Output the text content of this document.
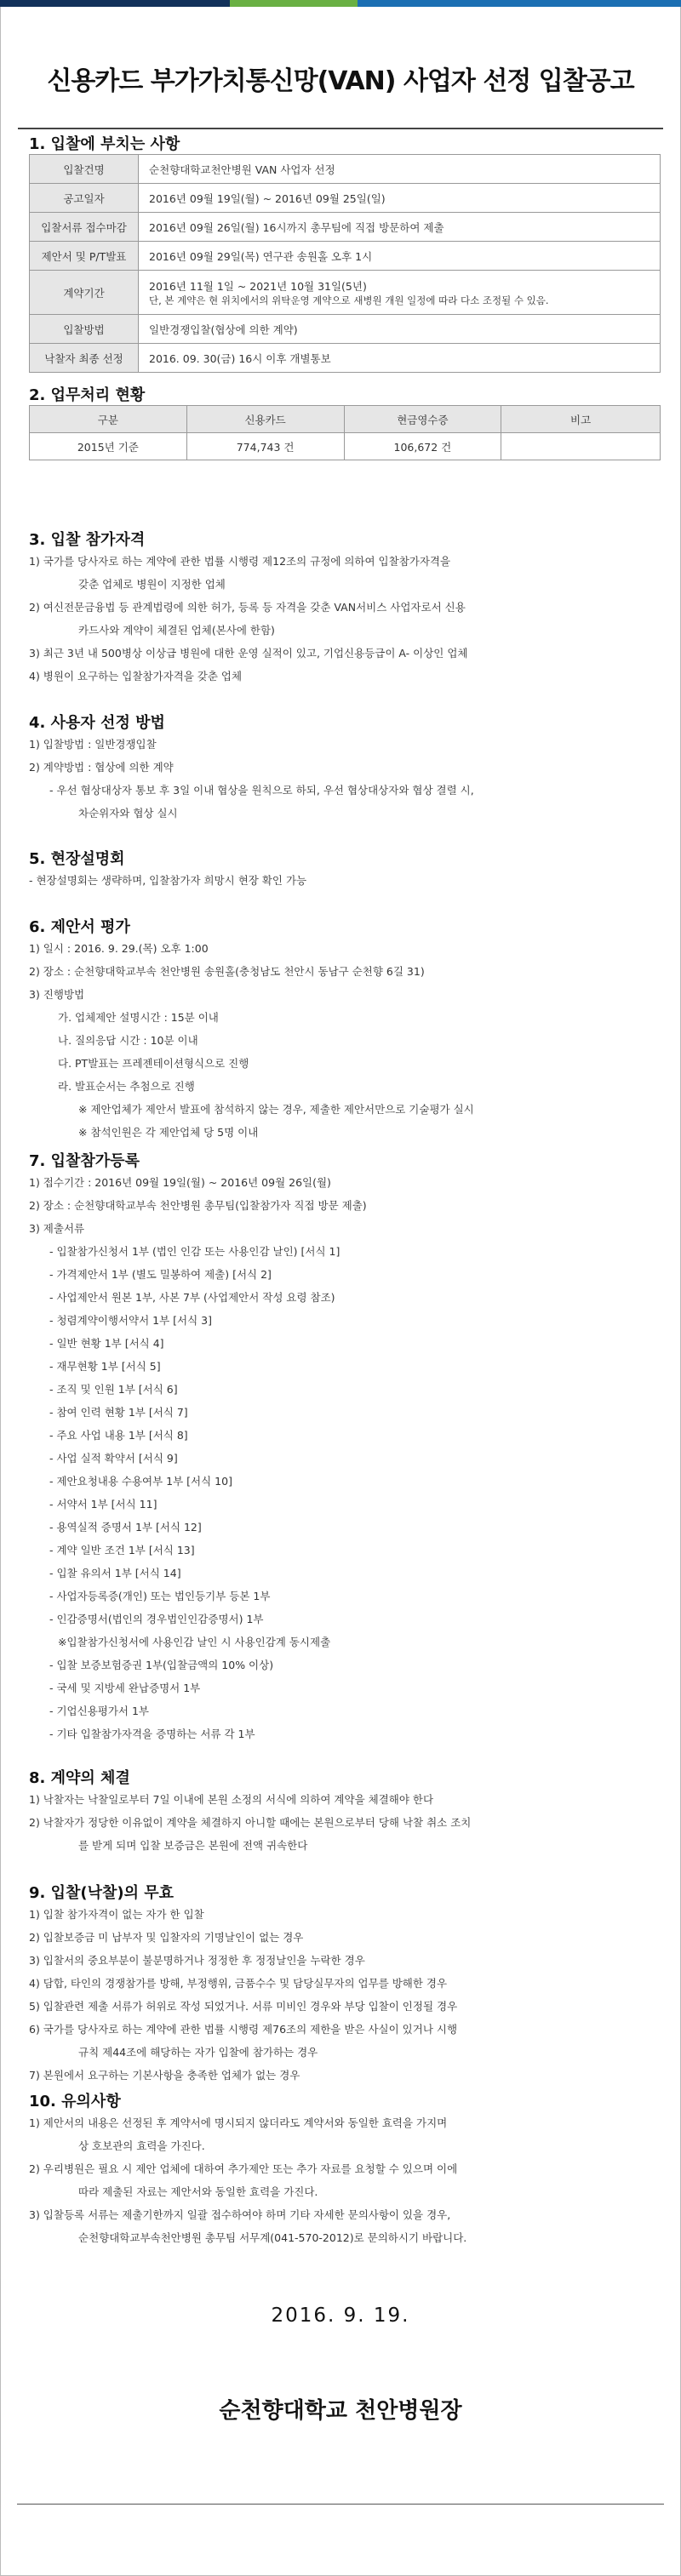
신용카드 부가가치통신망(VAN) 사업자 선정 입찰공고
1. 입찰에 부치는 사항
입찰건명	순천향대학교천안병원 VAN 사업자 선정
공고일자	2016년 09월 19일(월) ~ 2016년 09월 25일(일)
입찰서류 접수마감	2016년 09월 26일(월) 16시까지 총무팀에 직접 방문하여 제출
제안서 및 P/T발표	2016년 09월 29일(목) 연구관 송원홀 오후 1시
계약기간	2016년 11월 1일 ~ 2021년 10월 31일(5년)
단, 본 계약은 현 위치에서의 위탁운영 계약으로 새병원 개원 일정에 따라 다소 조정될 수 있음.

입찰방법	일반경쟁입찰(협상에 의한 계약)
낙찰자 최종 선정	2016. 09. 30(금) 16시 이후 개별통보
2. 업무처리 현황
구분	신용카드	현금영수증	비고
2015년 기준	774,743 건	106,672 건	
3. 입찰 참가자격
1) 국가를 당사자로 하는 계약에 관한 법률 시행령 제12조의 규정에 의하여 입찰참가자격을
갖춘 업체로 병원이 지정한 업체
2) 여신전문금융법 등 관계법령에 의한 허가, 등록 등 자격을 갖춘 VAN서비스 사업자로서 신용
카드사와 계약이 체결된 업체(본사에 한함)
3) 최근 3년 내 500병상 이상급 병원에 대한 운영 실적이 있고, 기업신용등급이 A- 이상인 업체
4) 병원이 요구하는 입찰참가자격을 갖춘 업체
4. 사용자 선정 방법
1) 입찰방법 : 일반경쟁입찰
2) 계약방법 : 협상에 의한 계약
- 우선 협상대상자 통보 후 3일 이내 협상을 원칙으로 하되, 우선 협상대상자와 협상 결렬 시,
차순위자와 협상 실시
5. 현장설명회
- 현장설명회는 생략하며, 입찰참가자 희망시 현장 확인 가능
6. 제안서 평가
1) 일시 : 2016. 9. 29.(목) 오후 1:00
2) 장소 : 순천향대학교부속 천안병원 송원홀(충청남도 천안시 동남구 순천향 6길 31)
3) 진행방법
가. 업체제안 설명시간 : 15분 이내
나. 질의응답 시간 : 10분 이내
다. PT발표는 프레젠테이션형식으로 진행
라. 발표순서는 추첨으로 진행
※ 제안업체가 제안서 발표에 참석하지 않는 경우, 제출한 제안서만으로 기술평가 실시
※ 참석인원은 각 제안업체 당 5명 이내
7. 입찰참가등록
1) 접수기간 : 2016년 09월 19일(월) ~ 2016년 09월 26일(월)
2) 장소 : 순천향대학교부속 천안병원 총무팀(입찰참가자 직접 방문 제출)
3) 제출서류
- 입찰참가신청서 1부 (법인 인감 또는 사용인감 날인) [서식 1]
- 가격제안서 1부 (별도 밀봉하여 제출) [서식 2]
- 사업제안서 원본 1부, 사본 7부 (사업제안서 작성 요령 참조)
- 청렴계약이행서약서 1부 [서식 3]
- 일반 현황 1부 [서식 4]
- 재무현황 1부 [서식 5]
- 조직 및 인원 1부 [서식 6]
- 참여 인력 현황 1부 [서식 7]
- 주요 사업 내용 1부 [서식 8]
- 사업 실적 확약서 [서식 9]
- 제안요청내용 수용여부 1부 [서식 10]
- 서약서 1부 [서식 11]
- 용역실적 증명서 1부 [서식 12]
- 계약 일반 조건 1부 [서식 13]
- 입찰 유의서 1부 [서식 14]
- 사업자등록증(개인) 또는 법인등기부 등본 1부
- 인감증명서(법인의 경우법인인감증명서) 1부
※입찰참가신청서에 사용인감 날인 시 사용인감계 동시제출
- 입찰 보증보험증권 1부(입찰금액의 10% 이상)
- 국세 및 지방세 완납증명서 1부
- 기업신용평가서 1부
- 기타 입찰참가자격을 증명하는 서류 각 1부
8. 계약의 체결
1) 낙찰자는 낙찰일로부터 7일 이내에 본원 소정의 서식에 의하여 계약을 체결해야 한다
2) 낙찰자가 정당한 이유없이 계약을 체결하지 아니할 때에는 본원으로부터 당해 낙찰 취소 조치
를 받게 되며 입찰 보증금은 본원에 전액 귀속한다
9. 입찰(낙찰)의 무효
1) 입찰 참가자격이 없는 자가 한 입찰
2) 입찰보증금 미 납부자 및 입찰자의 기명날인이 없는 경우
3) 입찰서의 중요부분이 불분명하거나 정정한 후 정정날인을 누락한 경우
4) 담합, 타인의 경쟁참가를 방해, 부정행위, 금품수수 및 담당실무자의 업무를 방해한 경우
5) 입찰관련 제출 서류가 허위로 작성 되었거나. 서류 미비인 경우와 부당 입찰이 인정될 경우
6) 국가를 당사자로 하는 계약에 관한 법률 시행령 제76조의 제한을 받은 사실이 있거나 시행
규칙 제44조에 해당하는 자가 입찰에 참가하는 경우
7) 본원에서 요구하는 기본사항을 충족한 업체가 없는 경우
10. 유의사항
1) 제안서의 내용은 선정된 후 계약서에 명시되지 않더라도 계약서와 동일한 효력을 가지며
상 호보관의 효력을 가진다.
2) 우리병원은 필요 시 제안 업체에 대하여 추가제안 또는 추가 자료를 요청할 수 있으며 이에
따라 제출된 자료는 제안서와 동일한 효력을 가진다.
3) 입찰등록 서류는 제출기한까지 일괄 접수하여야 하며 기타 자세한 문의사항이 있을 경우,
순천향대학교부속천안병원 총무팀 서무계(041-570-2012)로 문의하시기 바랍니다.
2016. 9. 19.
순천향대학교 천안병원장
